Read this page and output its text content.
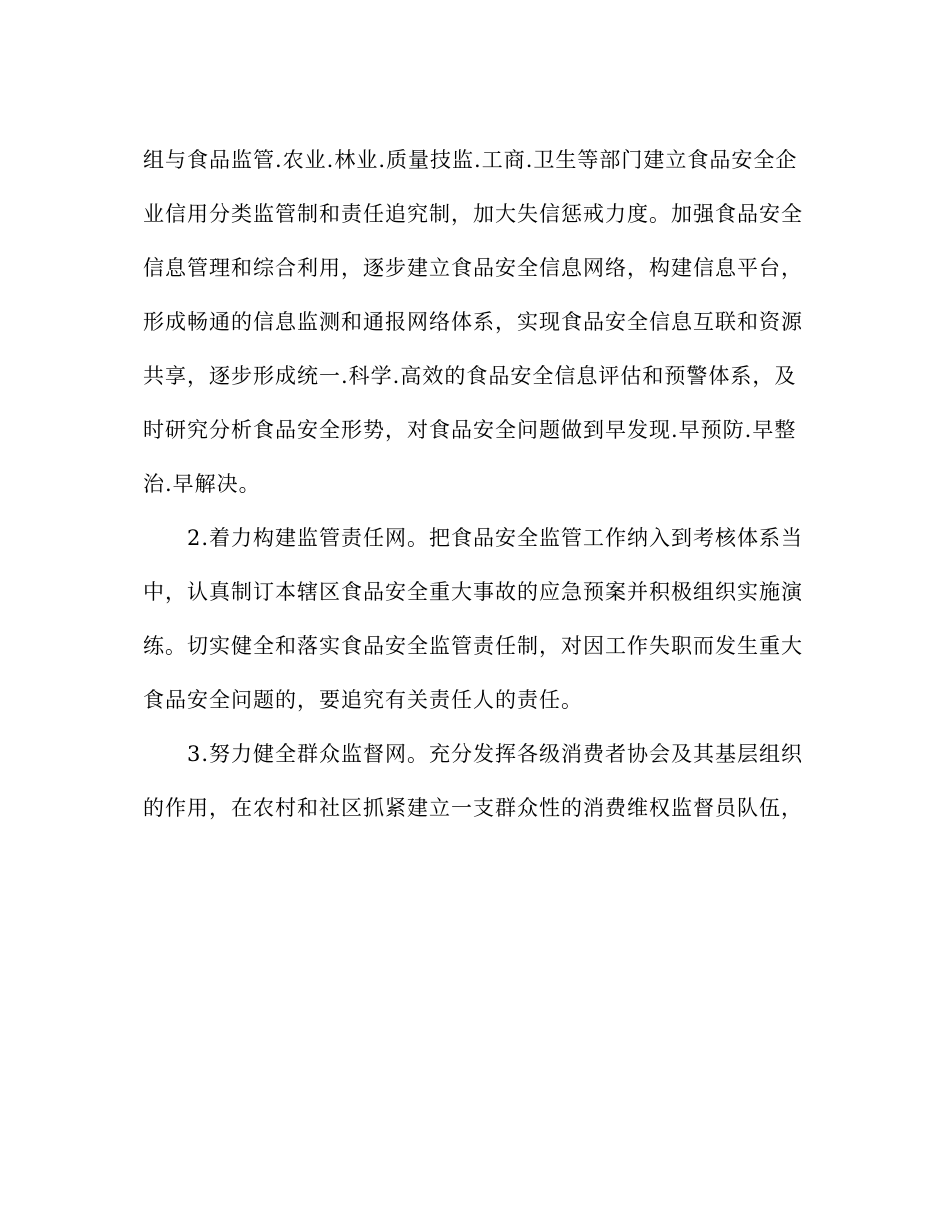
组与食品监管.农业.林业.质量技监.工商.卫生等部门建立食品安全企
业信用分类监管制和责任追究制，加大失信惩戒力度。加强食品安全
信息管理和综合利用，逐步建立食品安全信息网络，构建信息平台，
形成畅通的信息监测和通报网络体系，实现食品安全信息互联和资源
共享，逐步形成统一.科学.高效的食品安全信息评估和预警体系，及
时研究分析食品安全形势，对食品安全问题做到早发现.早预防.早整
治.早解决。
2.着力构建监管责任网。把食品安全监管工作纳入到考核体系当
中，认真制订本辖区食品安全重大事故的应急预案并积极组织实施演
练。切实健全和落实食品安全监管责任制，对因工作失职而发生重大
食品安全问题的，要追究有关责任人的责任。
3.努力健全群众监督网。充分发挥各级消费者协会及其基层组织
的作用，在农村和社区抓紧建立一支群众性的消费维权监督员队伍，
